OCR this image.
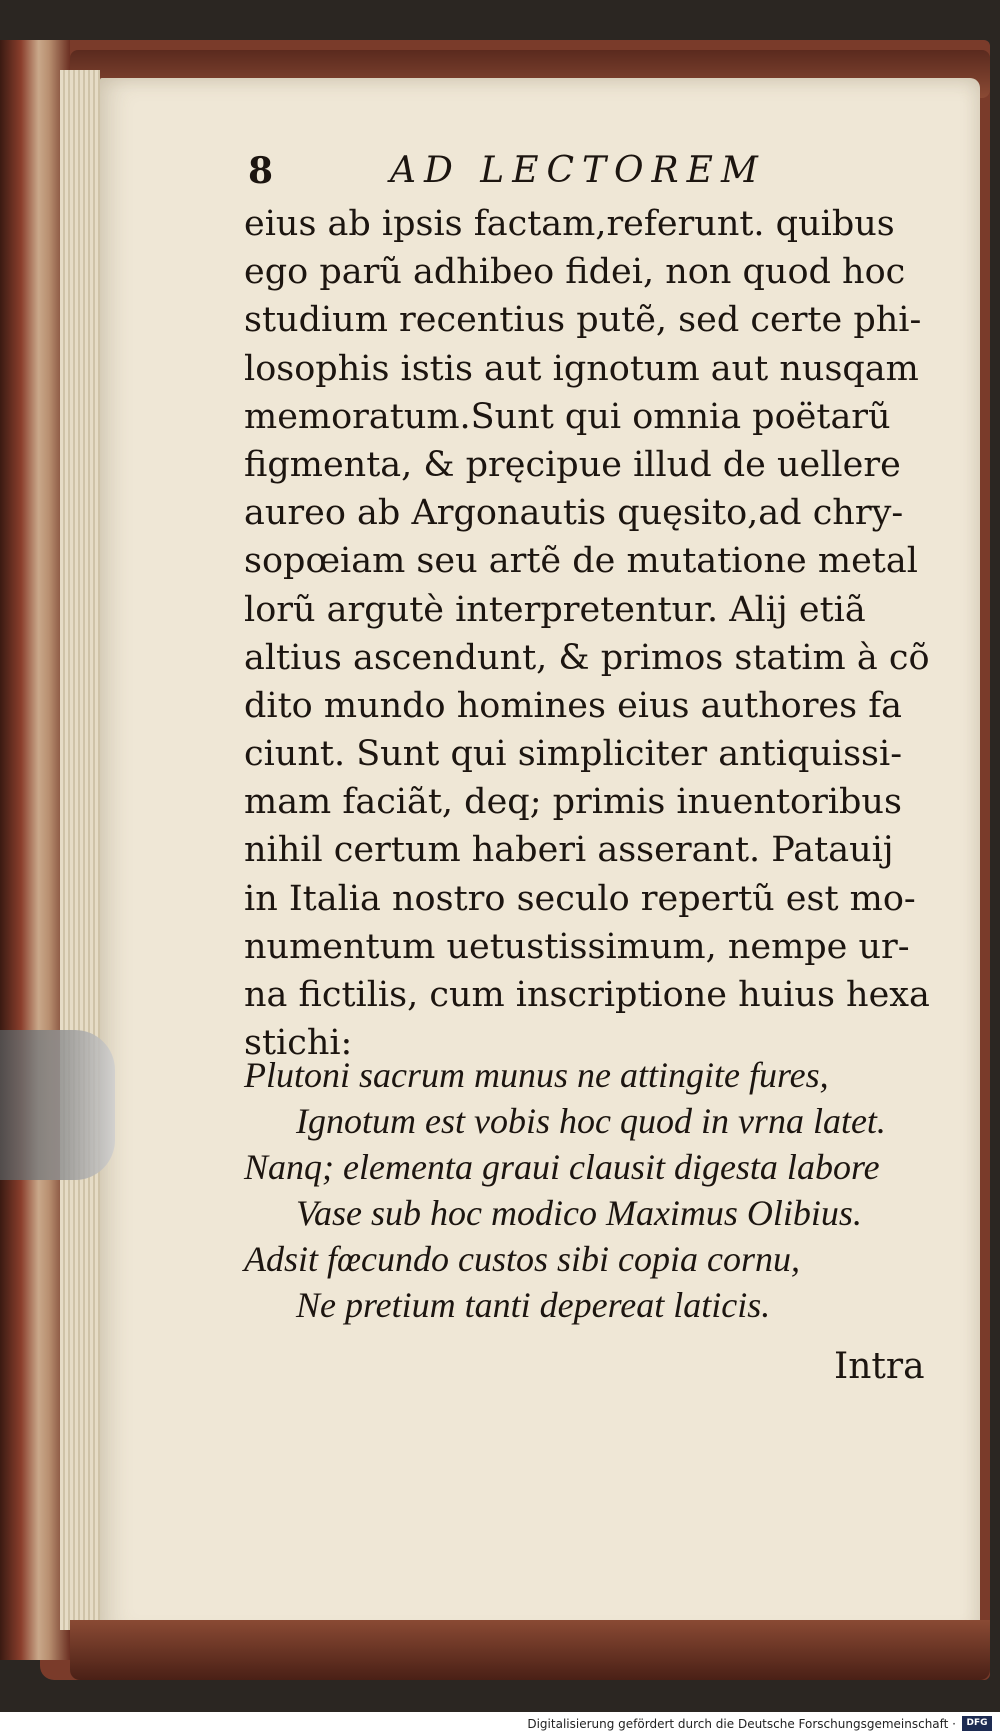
8	AD LECTOREM
eius ab ipsis factam,referunt. quibus
ego parũ adhibeo fidei, non quod hoc
studium recentius putẽ, sed certe phi-
losophis istis aut ignotum aut nusqam
memoratum.Sunt qui omnia poëtarũ
figmenta, & pręcipue illud de uellere
aureo ab Argonautis quęsito,ad chry-
sopœiam seu artẽ de mutatione metal
lorũ argutè interpretentur. Alij etiã
altius ascendunt, & primos statim à cõ
dito mundo homines eius authores fa
ciunt. Sunt qui simpliciter antiquissi-
mam faciãt, deq; primis inuentoribus
nihil certum haberi asserant. Patauij
in Italia nostro seculo repertũ est mo-
numentum uetustissimum, nempe ur-
na fictilis, cum inscriptione huius hexa
stichi:
Plutoni sacrum munus ne attingite fures,
Ignotum est vobis hoc quod in vrna latet.
Nanq; elementa graui clausit digesta labore
Vase sub hoc modico Maximus Olibius.
Adsit fœcundo custos sibi copia cornu,
Ne pretium tanti depereat laticis.
Intra
Digitalisierung gefördert durch die Deutsche Forschungsgemeinschaft ·	DFG
